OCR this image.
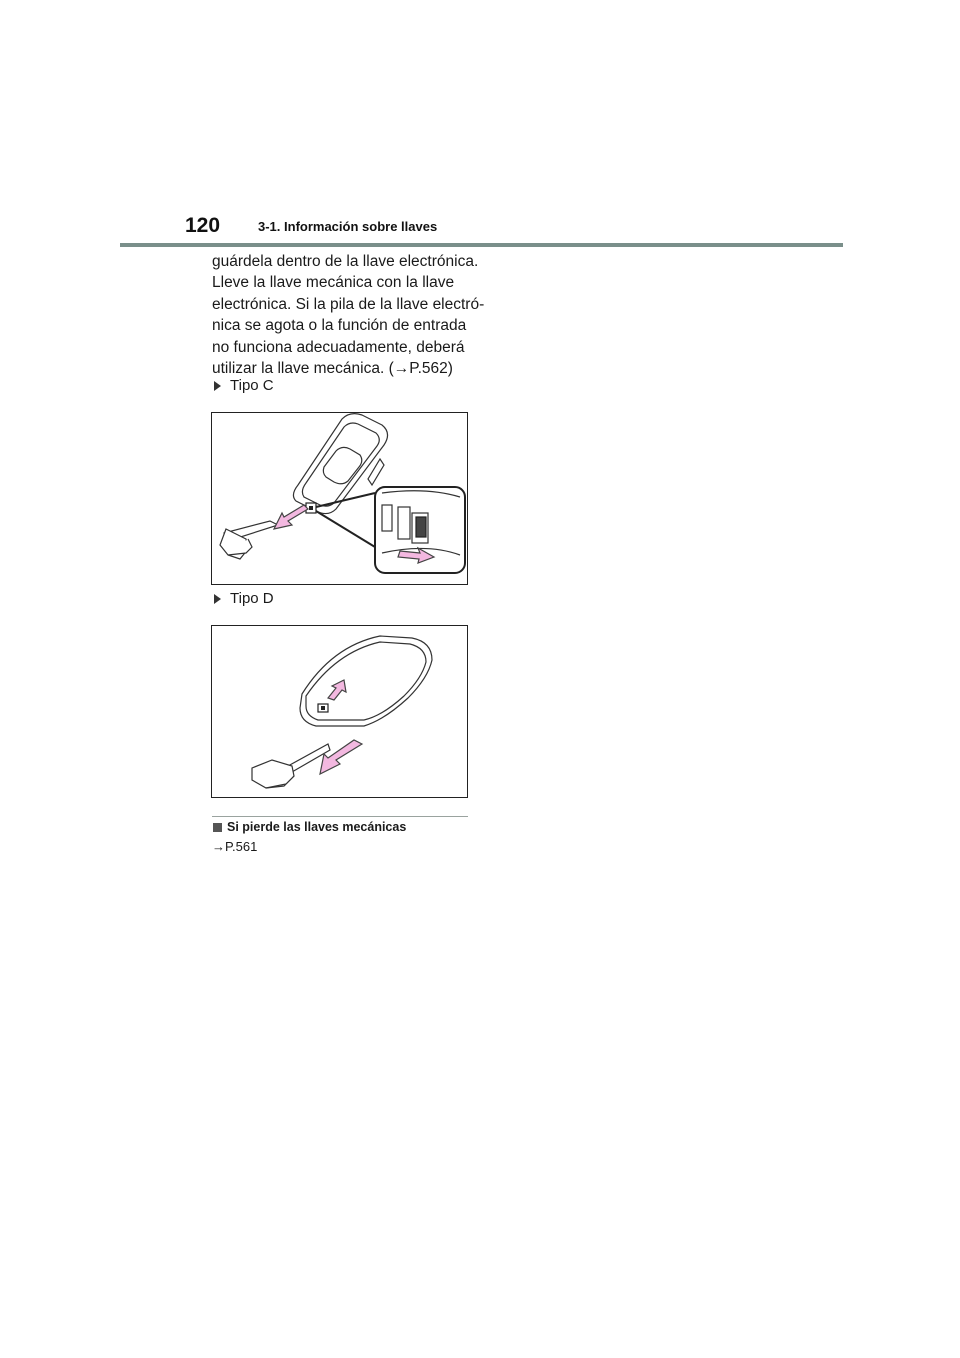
120	3-1. Información sobre llaves

guárdela dentro de la llave electrónica.

Lleve la llave mecánica con la llave

electrónica. Si la pila de la llave electró-

nica se agota o la función de entrada

no funciona adecuadamente, deberá

utilizar la llave mecánica. (→P.562)

Tipo C
Tipo D
Si pierde las llaves mecánicas
→P.561
